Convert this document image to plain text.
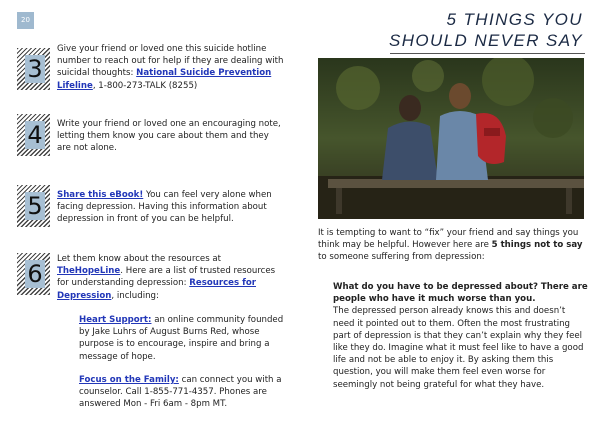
20	5 THINGS YOU
SHOULD NEVER SAY
3
Give your friend or loved one this suicide hotline number to reach out for help if they are dealing with suicidal thoughts: National Suicide Prevention Lifeline, 1-800-273-TALK (8255)
4 Write your friend or loved one an encouraging note, letting them know you care about them and they are not alone.
5 Share this eBook! You can feel very alone when facing depression. Having this information about depression in front of you can be helpful.
6
Let them know about the resources at
TheHopeLine. Here are a list of trusted resources for understanding depression: Resources for Depression, including:
Heart Support: an online community founded by Jake Luhrs of August Burns Red, whose purpose is to encourage, inspire and bring a message of hope.
Focus on the Family: can connect you with a counselor. Call 1-855-771-4357. Phones are answered Mon - Fri 6am - 8pm MT.
It is tempting to want to “fix” your friend and say things you think may be helpful. However here are 5 things not to say to someone suffering from depression:
What do you have to be depressed about? There are people who have it much worse than you.
The depressed person already knows this and doesn’t need it pointed out to them. Often the most frustrating part of depression is that they can’t explain why they feel like they do. Imagine what it must feel like to have a good life and not be able to enjoy it. By asking them this question, you will make them feel even worse for seemingly not being grateful for what they have.
